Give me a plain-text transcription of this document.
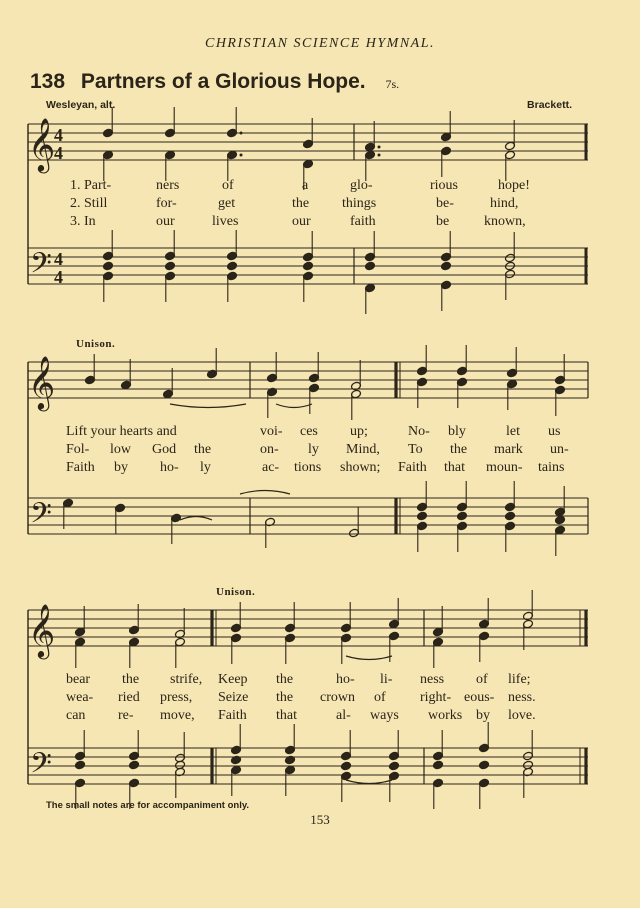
CHRISTIAN SCIENCE HYMNAL.
138 Partners of a Glorious Hope. 7s.
Wesleyan, alt.	Brackett.
Unison.
Unison.
𝄞
𝄢
4
4
4
4
𝄞
𝄢
𝄞
𝄢
1. Part-	ners	of	a	glo-	rious	hope!
2. Still	for-	get	the things	be-	hind,
3. In	our	lives	our	faith	be known,
Lift your hearts and	voi- ces up;	No- bly	let us
Fol- low God the	on- ly Mind, To the mark un-
Faith by ho- ly	ac- tions shown; Faith that moun- tains
bear the strife, Keep the	ho- li- ness of life;
wea- ried press, Seize the crown of right- eous- ness.
can re- move, Faith that	al- ways works by love.
The small notes are for accompaniment only.
153
